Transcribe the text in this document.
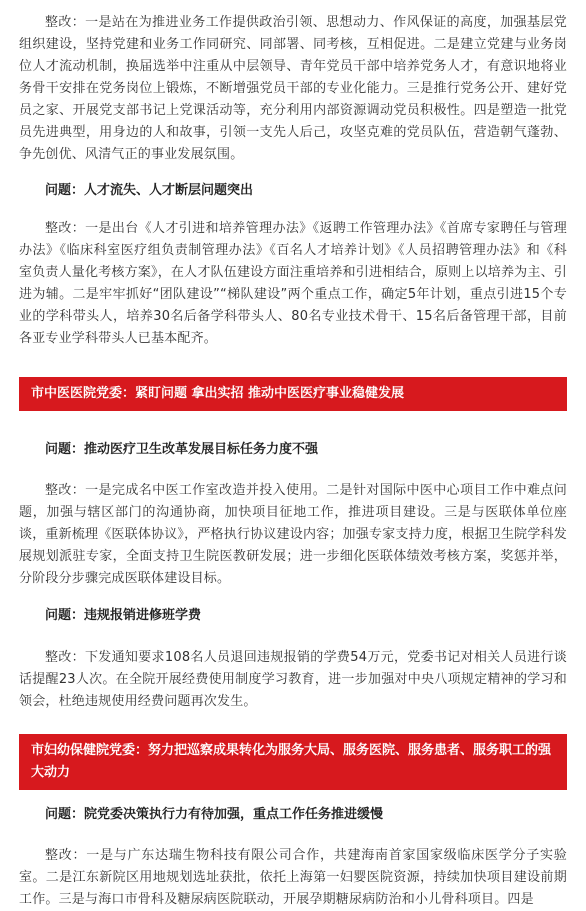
整改：一是站在为推进业务工作提供政治引领、思想动力、作风保证的高度，加强基层党组织建设，坚持党建和业务工作同研究、同部署、同考核，互相促进。二是建立党建与业务岗位人才流动机制，换届选举中注重从中层领导、青年党员干部中培养党务人才，有意识地将业务骨干安排在党务岗位上锻炼，不断增强党员干部的专业化能力。三是推行党务公开、建好党员之家、开展党支部书记上党课活动等，充分利用内部资源调动党员积极性。四是塑造一批党员先进典型，用身边的人和故事，引领一支先人后己，攻坚克难的党员队伍，营造朝气蓬勃、争先创优、风清气正的事业发展氛围。

问题：人才流失、人才断层问题突出

整改：一是出台《人才引进和培养管理办法》《返聘工作管理办法》《首席专家聘任与管理办法》《临床科室医疗组负责制管理办法》《百名人才培养计划》《人员招聘管理办法》和《科室负责人量化考核方案》，在人才队伍建设方面注重培养和引进相结合，原则上以培养为主、引进为辅。二是牢牢抓好“团队建设”“梯队建设”两个重点工作，确定5年计划，重点引进15个专业的学科带头人，培养30名后备学科带头人、80名专业技术骨干、15名后备管理干部，目前各亚专业学科带头人已基本配齐。

市中医医院党委：紧盯问题 拿出实招 推动中医医疗事业稳健发展

问题：推动医疗卫生改革发展目标任务力度不强

整改：一是完成名中医工作室改造并投入使用。二是针对国际中医中心项目工作中难点问题，加强与辖区部门的沟通协商，加快项目征地工作，推进项目建设。三是与医联体单位座谈，重新梳理《医联体协议》，严格执行协议建设内容；加强专家支持力度，根据卫生院学科发展规划派驻专家，全面支持卫生院医教研发展；进一步细化医联体绩效考核方案，奖惩并举，分阶段分步骤完成医联体建设目标。

问题：违规报销进修班学费

整改：下发通知要求108名人员退回违规报销的学费54万元，党委书记对相关人员进行谈话提醒23人次。在全院开展经费使用制度学习教育，进一步加强对中央八项规定精神的学习和领会，杜绝违规使用经费问题再次发生。

市妇幼保健院党委：努力把巡察成果转化为服务大局、服务医院、服务患者、服务职工的强大动力

问题：院党委决策执行力有待加强，重点工作任务推进缓慢

整改：一是与广东达瑞生物科技有限公司合作，共建海南首家国家级临床医学分子实验室。二是江东新院区用地规划选址获批，依托上海第一妇婴医院资源，持续加快项目建设前期工作。三是与海口市骨科及糖尿病医院联动，开展孕期糖尿病防治和小儿骨科项目。四是
